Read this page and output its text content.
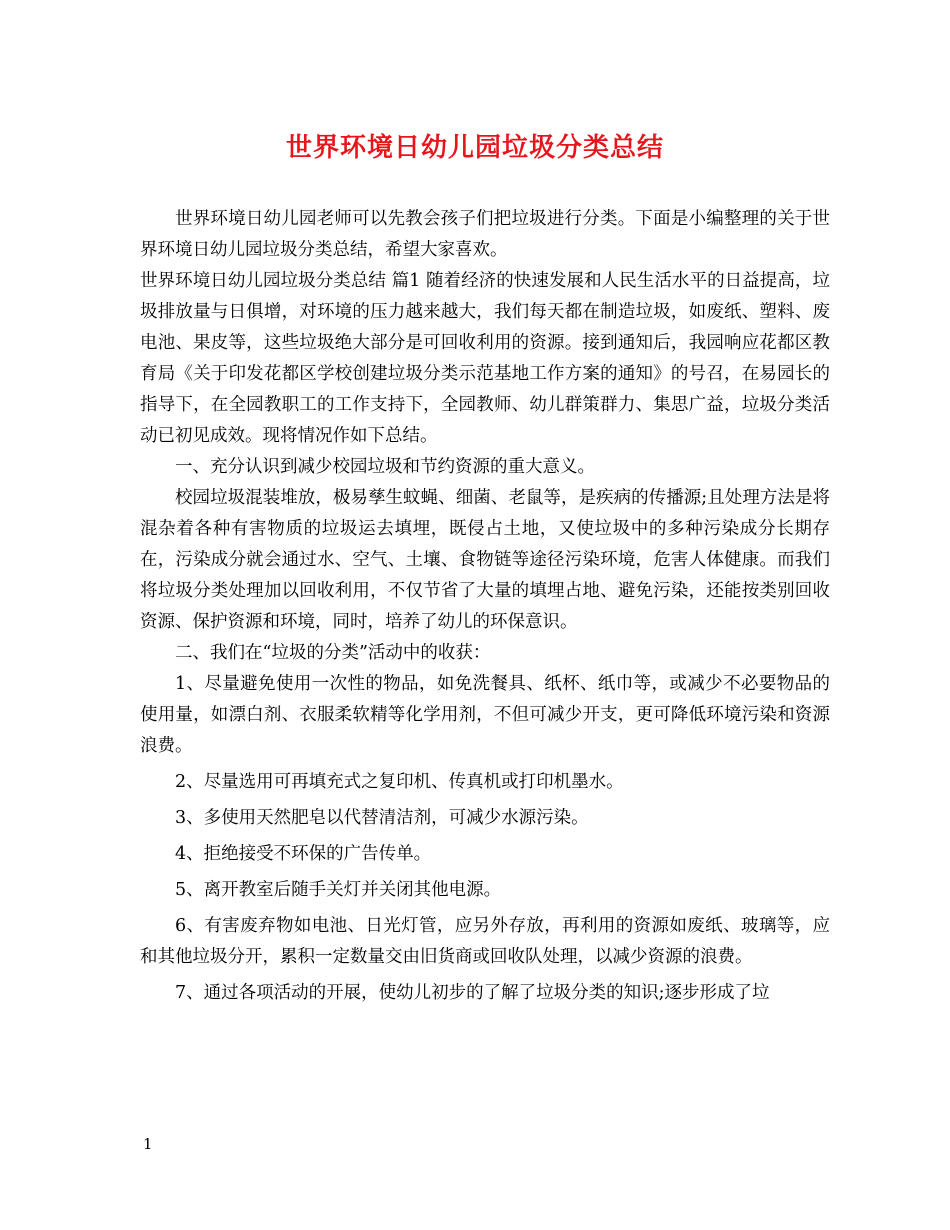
世界环境日幼儿园垃圾分类总结

世界环境日幼儿园老师可以先教会孩子们把垃圾进行分类。下面是小编整理的关于世界环境日幼儿园垃圾分类总结，希望大家喜欢。

世界环境日幼儿园垃圾分类总结 篇1 随着经济的快速发展和人民生活水平的日益提高，垃圾排放量与日俱增，对环境的压力越来越大，我们每天都在制造垃圾，如废纸、塑料、废电池、果皮等，这些垃圾绝大部分是可回收利用的资源。接到通知后，我园响应花都区教育局《关于印发花都区学校创建垃圾分类示范基地工作方案的通知》的号召，在易园长的指导下，在全园教职工的工作支持下，全园教师、幼儿群策群力、集思广益，垃圾分类活动已初见成效。现将情况作如下总结。

一、充分认识到减少校园垃圾和节约资源的重大意义。

校园垃圾混装堆放，极易孳生蚊蝇、细菌、老鼠等，是疾病的传播源;且处理方法是将混杂着各种有害物质的垃圾运去填埋，既侵占土地，又使垃圾中的多种污染成分长期存在，污染成分就会通过水、空气、土壤、食物链等途径污染环境，危害人体健康。而我们将垃圾分类处理加以回收利用，不仅节省了大量的填埋占地、避免污染，还能按类别回收资源、保护资源和环境，同时，培养了幼儿的环保意识。

二、我们在“垃圾的分类”活动中的收获：

1、尽量避免使用一次性的物品，如免洗餐具、纸杯、纸巾等，或减少不必要物品的使用量，如漂白剂、衣服柔软精等化学用剂，不但可减少开支，更可降低环境污染和资源浪费。

2、尽量选用可再填充式之复印机、传真机或打印机墨水。

3、多使用天然肥皂以代替清洁剂，可减少水源污染。

4、拒绝接受不环保的广告传单。

5、离开教室后随手关灯并关闭其他电源。

6、有害废弃物如电池、日光灯管，应另外存放，再利用的资源如废纸、玻璃等，应和其他垃圾分开，累积一定数量交由旧货商或回收队处理，以减少资源的浪费。

7、通过各项活动的开展，使幼儿初步的了解了垃圾分类的知识;逐步形成了垃

1
